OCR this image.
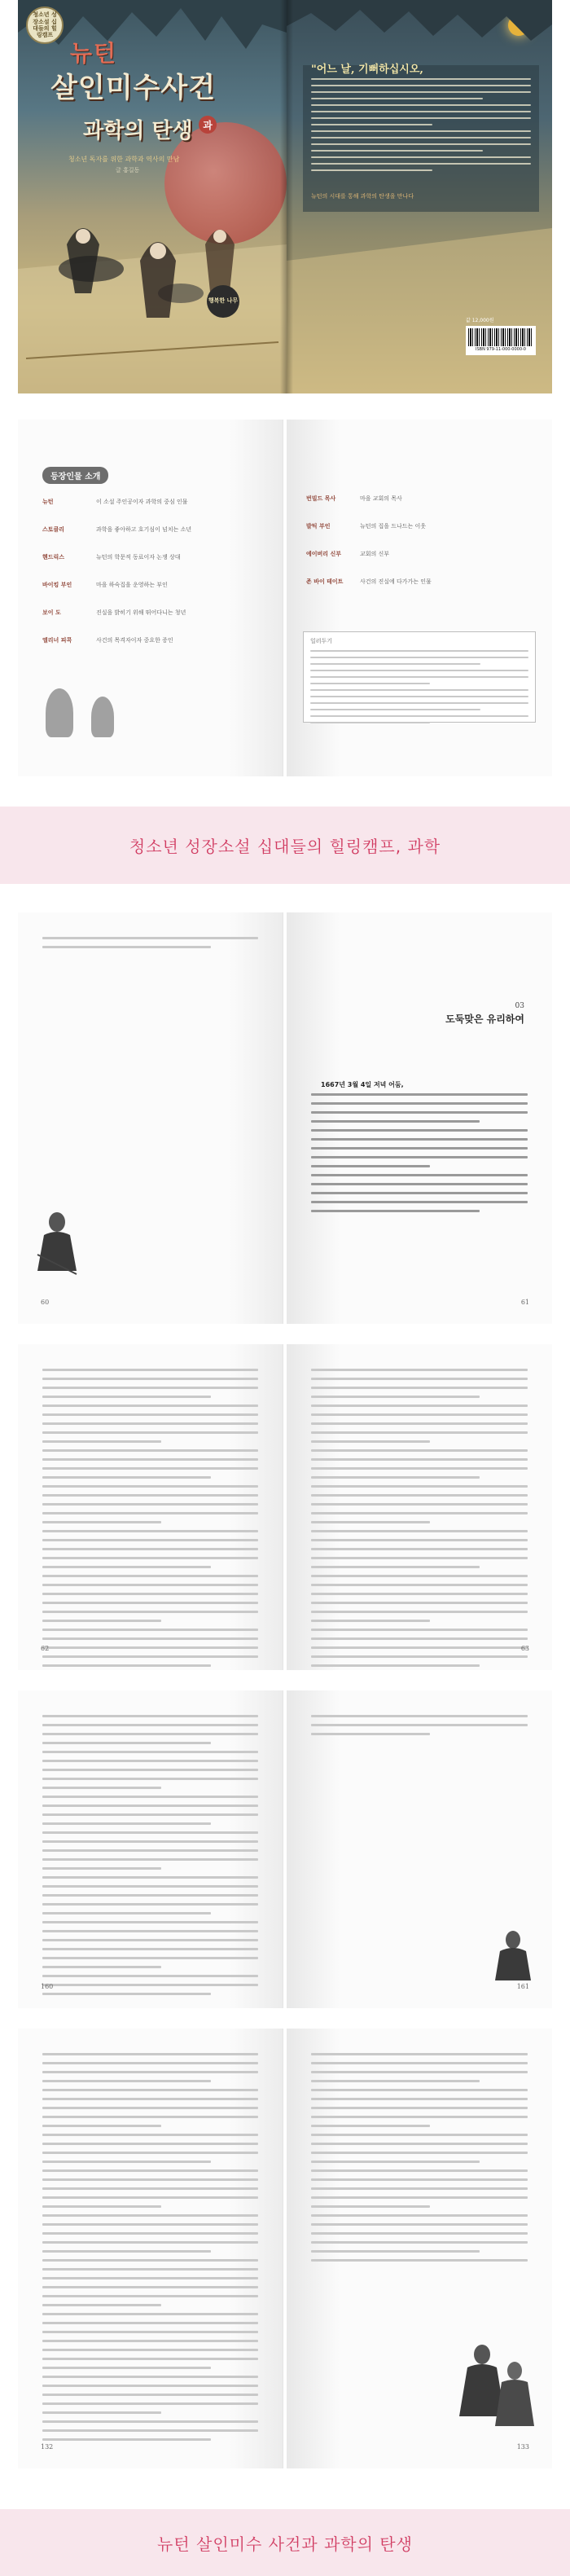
청소년 성장소설 십대들의 힐링캠프
뉴턴
살인미수사건
과
과학의 탄생
청소년 독자를 위한 과학과 역사의 만남
글 홍길동
행복한 나무
"어느 날, 기뻐하십시오,
뉴턴의 시대를 통해 과학의 탄생을 만나다
ISBN 979-11-000-0000-0
값 12,000원
등장인물 소개
뉴턴	이 소설 주인공이자 과학의 중심 인물
스토클리	과학을 좋아하고 호기심이 넘치는 소년
헨드릭스	뉴턴의 학문적 동료이자 논쟁 상대
바이킹 부인	마을 하숙집을 운영하는 부인
보이 도	진실을 밝히기 위해 뛰어다니는 청년
엘리너 피콕	사건의 목격자이자 중요한 증인
번빌드 목사	마을 교회의 목사
발틱 부인	뉴턴의 집을 드나드는 이웃
에이버리 신부	교회의 신부
존 바이 테이트	사건의 진실에 다가가는 인물
일러두기
청소년 성장소설 십대들의 힐링캠프, 과학
60
03
도둑맞은 유리하여
1667년 3월 4일 저녁 어둠,
61
62	63
160	161
132	133
뉴턴 살인미수 사건과 과학의 탄생
